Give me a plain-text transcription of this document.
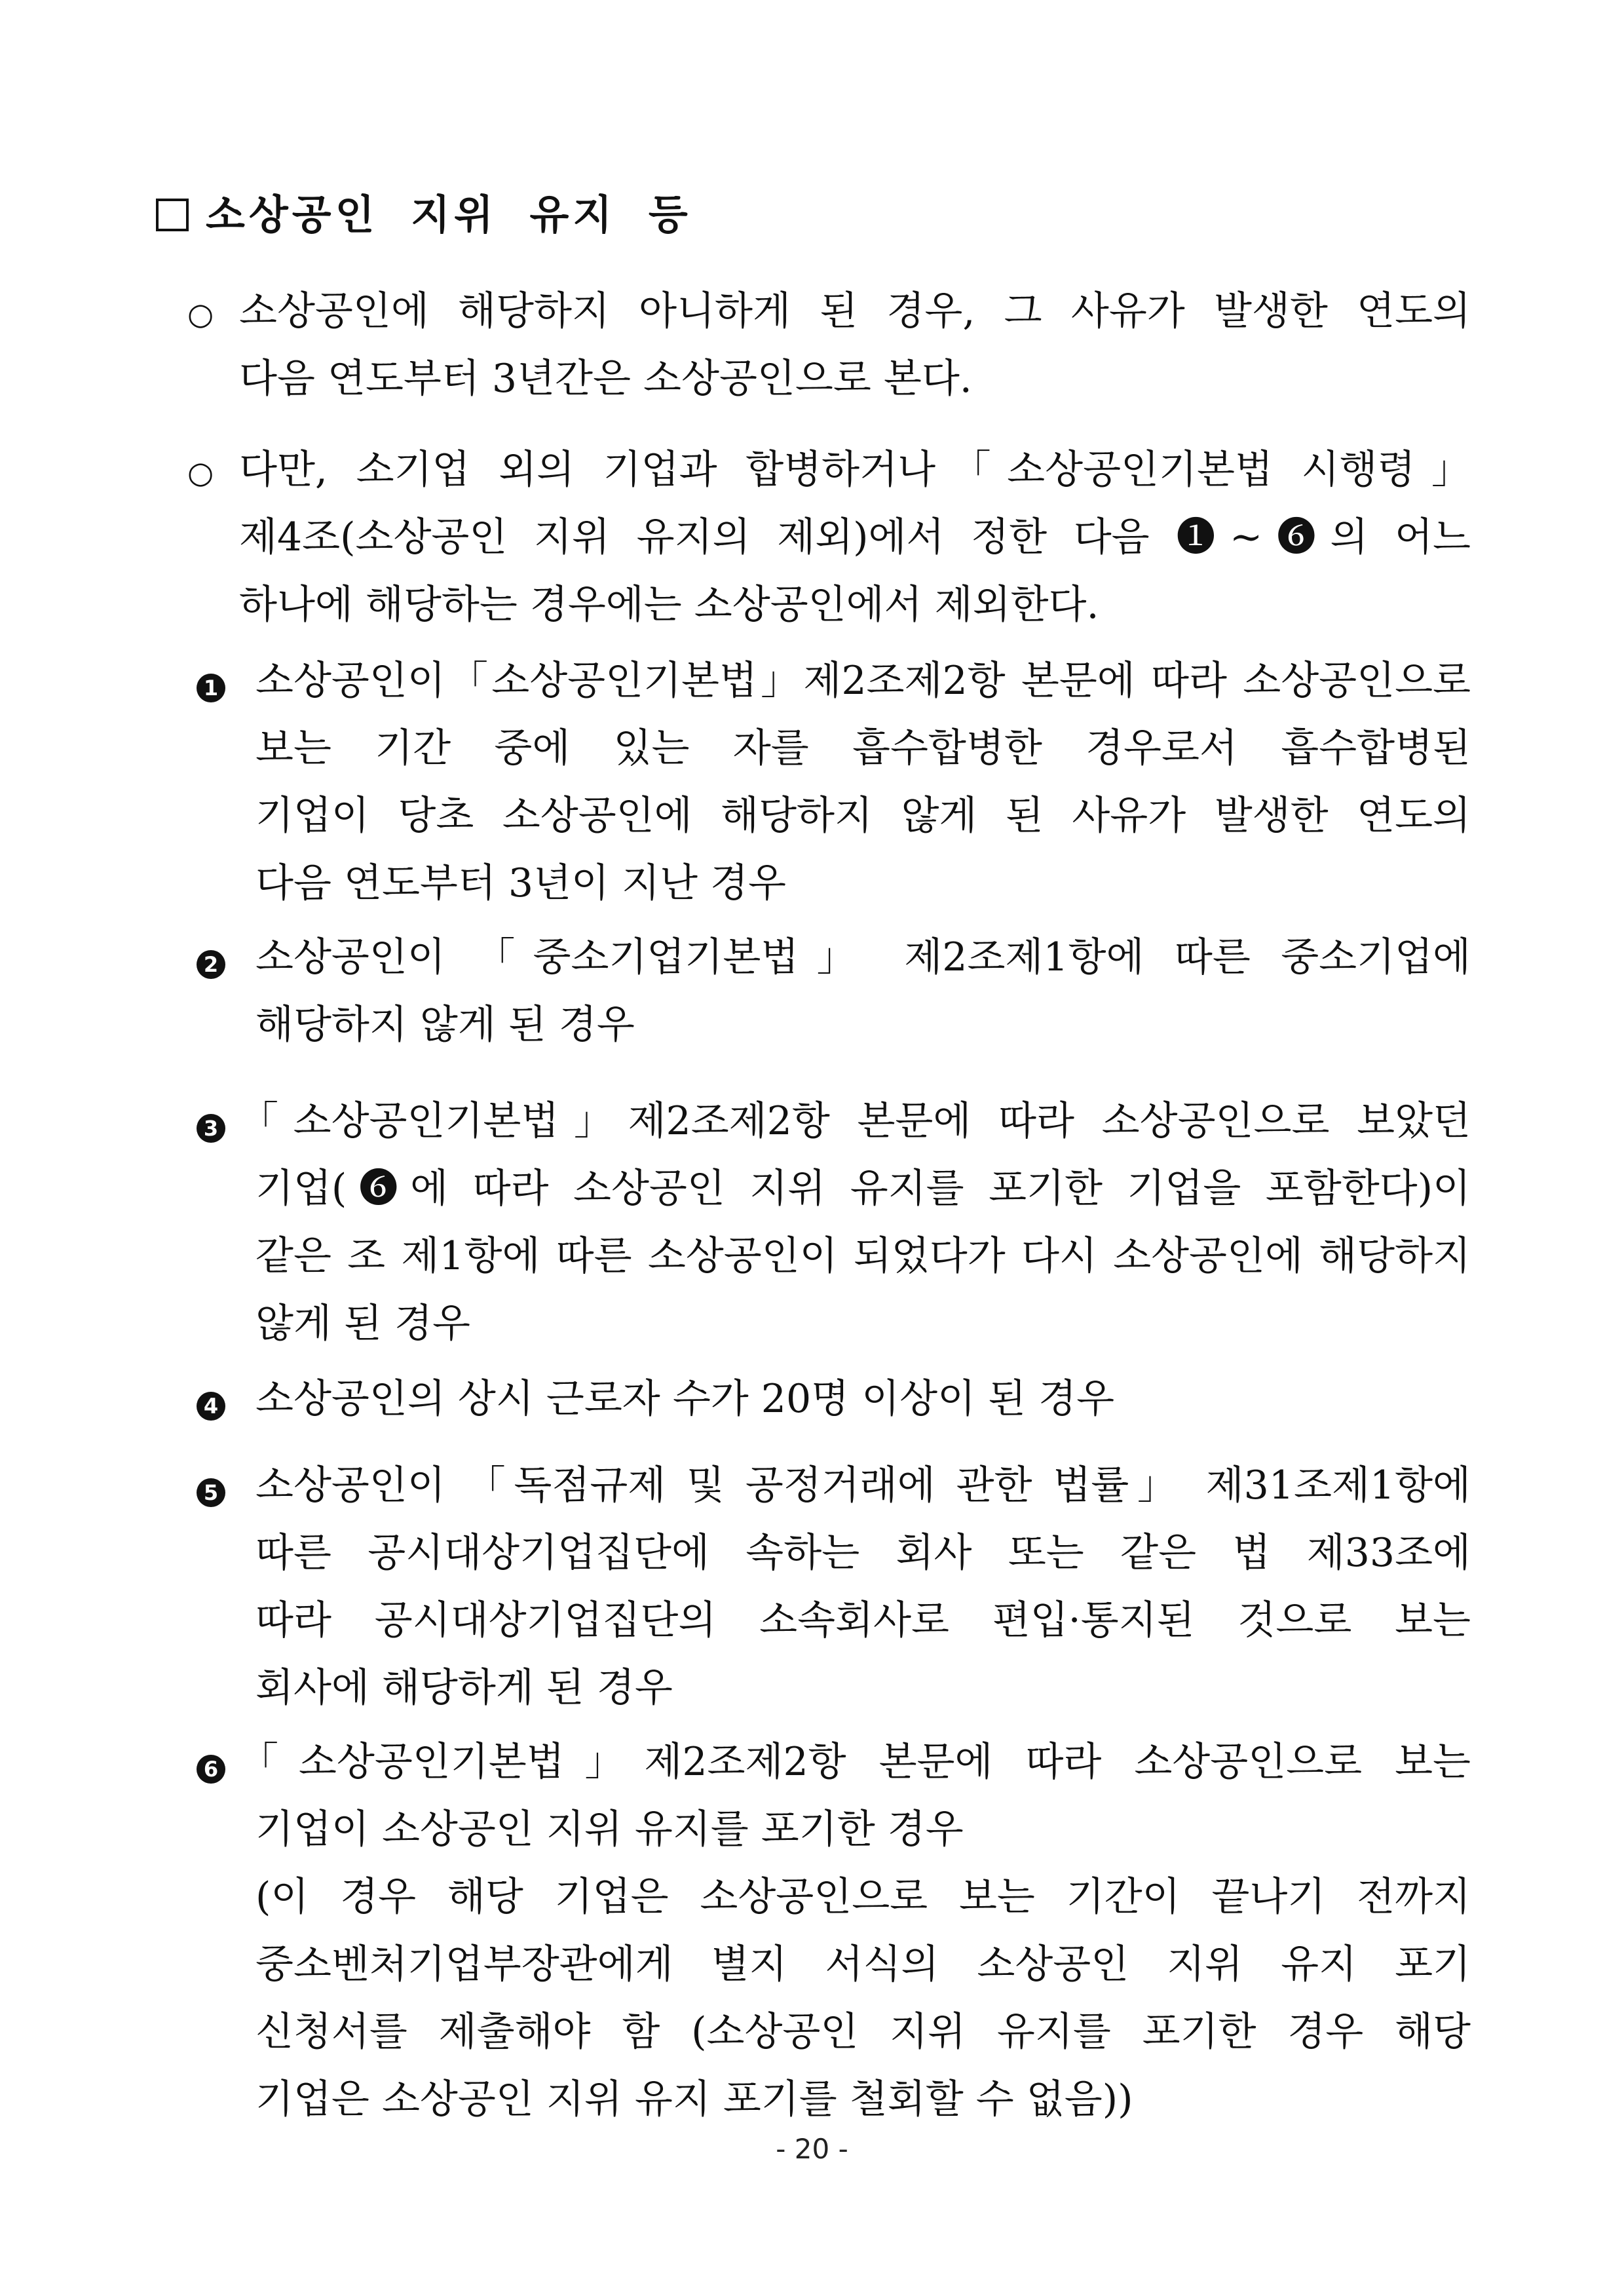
소상공인 지위 유지 등
○ 소상공인에 해당하지 아니하게 된 경우, 그 사유가 발생한 연도의
다음 연도부터 3년간은 소상공인으로 본다.
○ 다만, 소기업 외의 기업과 합병하거나「소상공인기본법 시행령」
제4조(소상공인 지위 유지의 제외)에서 정한 다음 ❶~❻의 어느
하나에 해당하는 경우에는 소상공인에서 제외한다.
1 소상공인이「소상공인기본법」제2조제2항 본문에 따라 소상공인으로
보는 기간 중에 있는 자를 흡수합병한 경우로서 흡수합병된
기업이 당초 소상공인에 해당하지 않게 된 사유가 발생한 연도의
다음 연도부터 3년이 지난 경우
2 소상공인이 「중소기업기본법」 제2조제1항에 따른 중소기업에
해당하지 않게 된 경우
3 「소상공인기본법」제2조제2항 본문에 따라 소상공인으로 보았던
기업(❻에 따라 소상공인 지위 유지를 포기한 기업을 포함한다)이
같은 조 제1항에 따른 소상공인이 되었다가 다시 소상공인에 해당하지
않게 된 경우
4 소상공인의 상시 근로자 수가 20명 이상이 된 경우
5 소상공인이 「독점규제 및 공정거래에 관한 법률」 제31조제1항에
따른 공시대상기업집단에 속하는 회사 또는 같은 법 제33조에
따라 공시대상기업집단의 소속회사로 편입·통지된 것으로 보는
회사에 해당하게 된 경우
6 「소상공인기본법」제2조제2항 본문에 따라 소상공인으로 보는
기업이 소상공인 지위 유지를 포기한 경우
(이 경우 해당 기업은 소상공인으로 보는 기간이 끝나기 전까지
중소벤처기업부장관에게 별지 서식의 소상공인 지위 유지 포기
신청서를 제출해야 함 (소상공인 지위 유지를 포기한 경우 해당
기업은 소상공인 지위 유지 포기를 철회할 수 없음))
- 20 -
